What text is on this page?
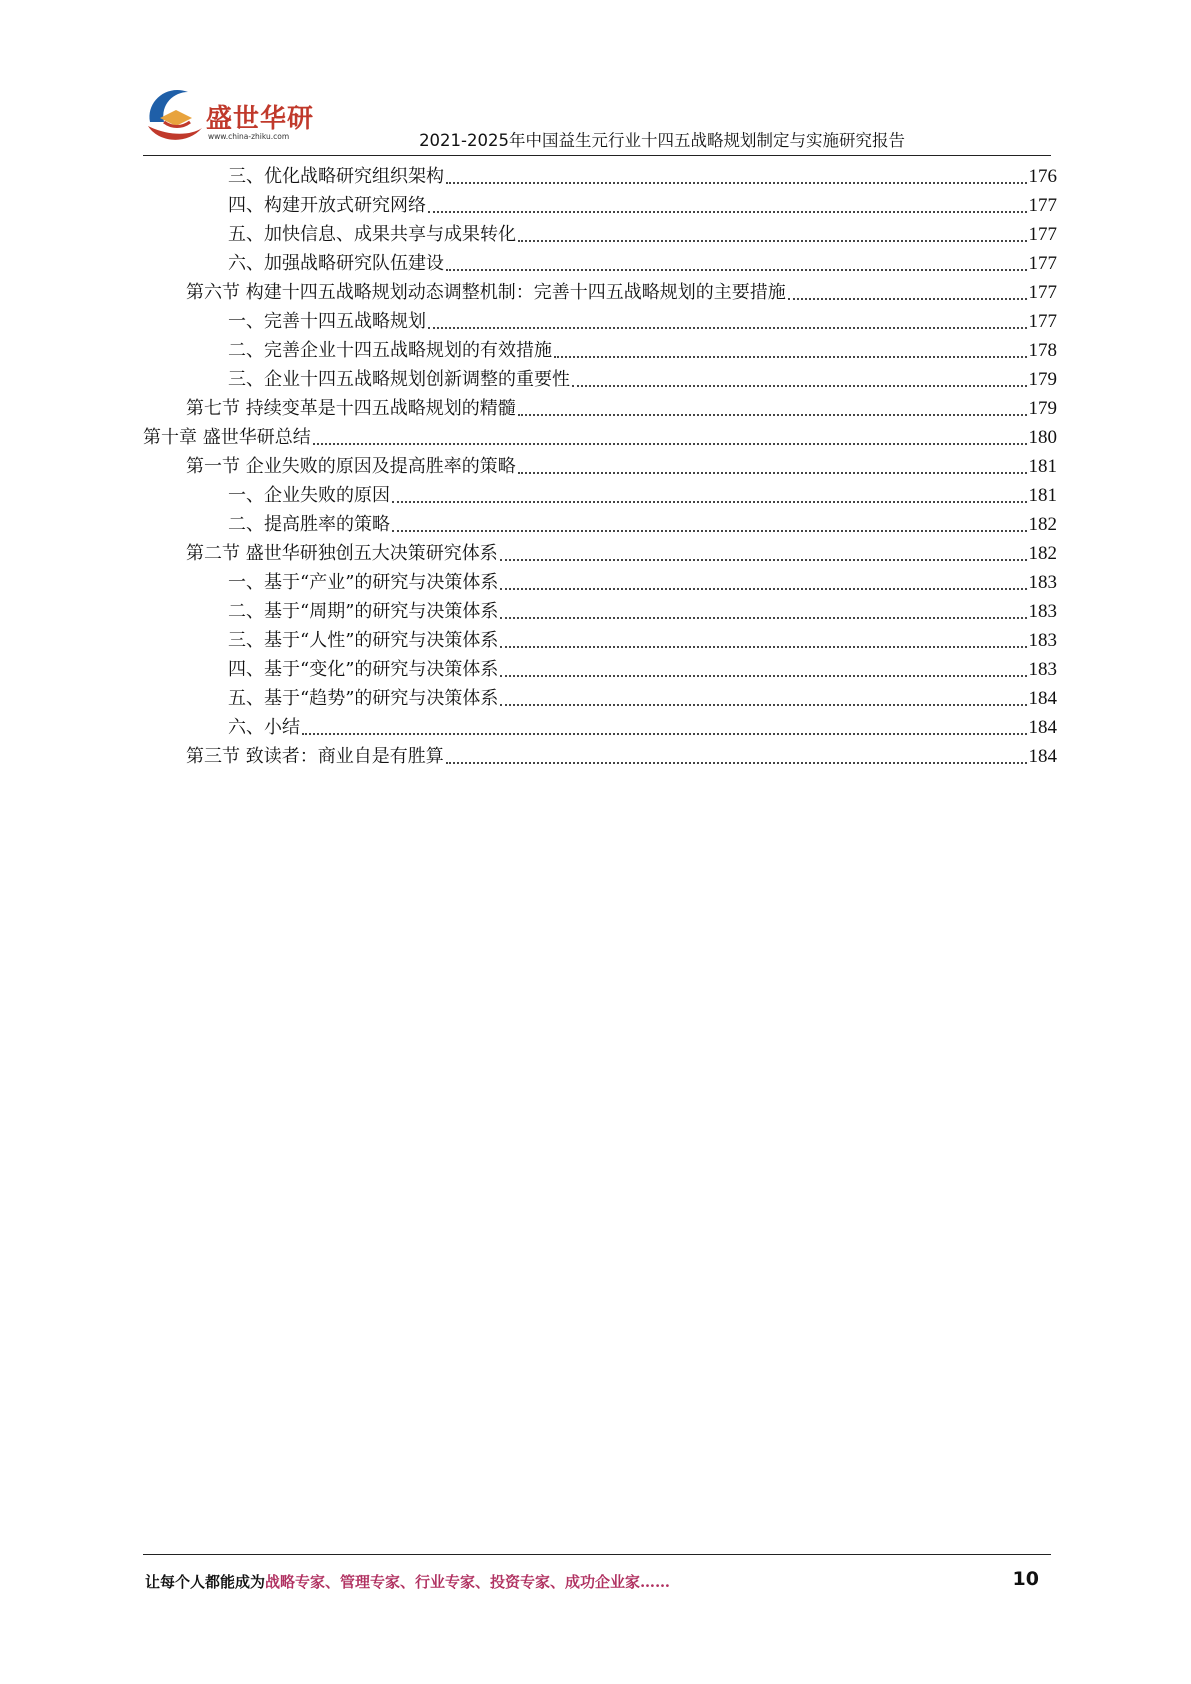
盛世华研
www.china-zhiku.com	2021-2025年中国益生元行业十四五战略规划制定与实施研究报告
三、优化战略研究组织架构	176
四、构建开放式研究网络	177
五、加快信息、成果共享与成果转化	177
六、加强战略研究队伍建设	177
第六节 构建十四五战略规划动态调整机制：完善十四五战略规划的主要措施	177
一、完善十四五战略规划	177
二、完善企业十四五战略规划的有效措施	178
三、企业十四五战略规划创新调整的重要性	179
第七节 持续变革是十四五战略规划的精髓	179
第十章 盛世华研总结	180
第一节 企业失败的原因及提高胜率的策略	181
一、企业失败的原因	181
二、提高胜率的策略	182
第二节 盛世华研独创五大决策研究体系	182
一、基于“产业”的研究与决策体系	183
二、基于“周期”的研究与决策体系	183
三、基于“人性”的研究与决策体系	183
四、基于“变化”的研究与决策体系	183
五、基于“趋势”的研究与决策体系	184
六、小结	184
第三节 致读者：商业自是有胜算	184
让每个人都能成为战略专家、管理专家、行业专家、投资专家、成功企业家……	10
